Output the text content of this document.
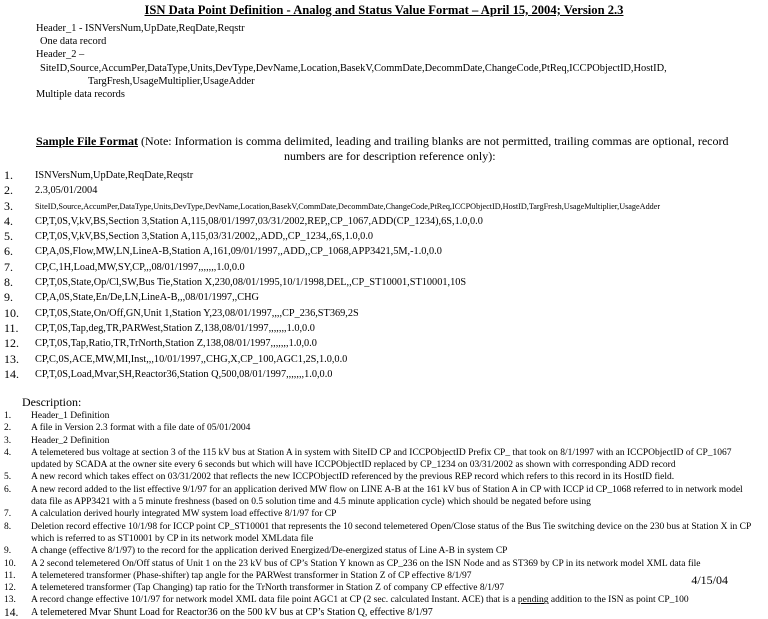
ISN Data Point Definition - Analog and Status Value Format – April 15, 2004; Version 2.3
Header_1 - ISNVersNum,UpDate,ReqDate,Reqstr
One data record
Header_2 –
SiteID,Source,AccumPer,DataType,Units,DevType,DevName,Location,BasekV,CommDate,DecommDate,ChangeCode,PtReq,ICCPObjectID,HostID,
TargFresh,UsageMultiplier,UsageAdder
Multiple data records
Sample File Format (Note: Information is comma delimited, leading and trailing blanks are not permitted, trailing commas are optional, record
numbers are for description reference only):
1.	ISNVersNum,UpDate,ReqDate,Reqstr
2.	2.3,05/01/2004
3.	SiteID,Source,AccumPer,DataType,Units,DevType,DevName,Location,BasekV,CommDate,DecommDate,ChangeCode,PtReq,ICCPObjectID,HostID,TargFresh,UsageMultiplier,UsageAdder
4.	CP,T,0S,V,kV,BS,Section 3,Station A,115,08/01/1997,03/31/2002,REP,,CP_1067,ADD(CP_1234),6S,1.0,0.0
5.	CP,T,0S,V,kV,BS,Section 3,Station A,115,03/31/2002,,ADD,,CP_1234,,6S,1.0,0.0
6.	CP,A,0S,Flow,MW,LN,LineA-B,Station A,161,09/01/1997,,ADD,,CP_1068,APP3421,5M,-1.0,0.0
7.	CP,C,1H,Load,MW,SY,CP,,,08/01/1997,,,,,,,1.0,0.0
8.	CP,T,0S,State,Op/Cl,SW,Bus Tie,Station X,230,08/01/1995,10/1/1998,DEL,,CP_ST10001,ST10001,10S
9.	CP,A,0S,State,En/De,LN,LineA-B,,,08/01/1997,,CHG
10.	CP,T,0S,State,On/Off,GN,Unit 1,Station Y,23,08/01/1997,,,,CP_236,ST369,2S
11.	CP,T,0S,Tap,deg,TR,PARWest,Station Z,138,08/01/1997,,,,,,,1.0,0.0
12.	CP,T,0S,Tap,Ratio,TR,TrNorth,Station Z,138,08/01/1997,,,,,,,1.0,0.0
13.	CP,C,0S,ACE,MW,MI,Inst,,,10/01/1997,,CHG,X,CP_100,AGC1,2S,1.0,0.0
14.	CP,T,0S,Load,Mvar,SH,Reactor36,Station Q,500,08/01/1997,,,,,,,1.0,0.0
Description:
1.	Header_1 Definition
2.	A file in Version 2.3 format with a file date of 05/01/2004
3.	Header_2 Definition
4.	A telemetered bus voltage at section 3 of the 115 kV bus at Station A in system with SiteID CP and ICCPObjectID Prefix CP_ that took on 8/1/1997 with an ICCPObjectID of CP_1067 updated by SCADA at the owner site every 6 seconds but which will have ICCPObjectID replaced by CP_1234 on 03/31/2002 as shown with corresponding ADD record
5.	A new record which takes effect on 03/31/2002 that reflects the new ICCPObjectID referenced by the previous REP record which refers to this record in its HostID field.
6.	A new record added to the list effective 9/1/97 for an application derived MW flow on LINE A-B at the 161 kV bus of Station A in CP with ICCP id CP_1068 referred to in network model data file as APP3421 with a 5 minute freshness (based on 0.5 solution time and 4.5 minute application cycle) which should be negated before using
7.	A calculation derived hourly integrated MW system load effective 8/1/97 for CP
8.	Deletion record effective 10/1/98 for ICCP point CP_ST10001 that represents the 10 second telemetered Open/Close status of the Bus Tie switching device on the 230 bus at Station X in CP which is referred to as ST10001 by CP in its network model XMLdata file
9.	A change (effective 8/1/97) to the record for the application derived Energized/De-energized status of Line A-B in system CP
10.	A 2 second telemetered On/Off status of Unit 1 on the 23 kV bus of CP’s Station Y known as CP_236 on the ISN Node and as ST369 by CP in its network model XML data file
11.	A telemetered transformer (Phase-shifter) tap angle for the PARWest transformer in Station Z of CP effective 8/1/97
12.	A telemetered transformer (Tap Changing) tap ratio for the TrNorth transformer in Station Z of company CP effective 8/1/97
13.	A record change effective 10/1/97 for network model XML data file point AGC1 at CP (2 sec. calculated Instant. ACE) that is a pending addition to the ISN as point CP_100
14.	A telemetered Mvar Shunt Load for Reactor36 on the 500 kV bus at CP’s Station Q, effective 8/1/97
4/15/04
